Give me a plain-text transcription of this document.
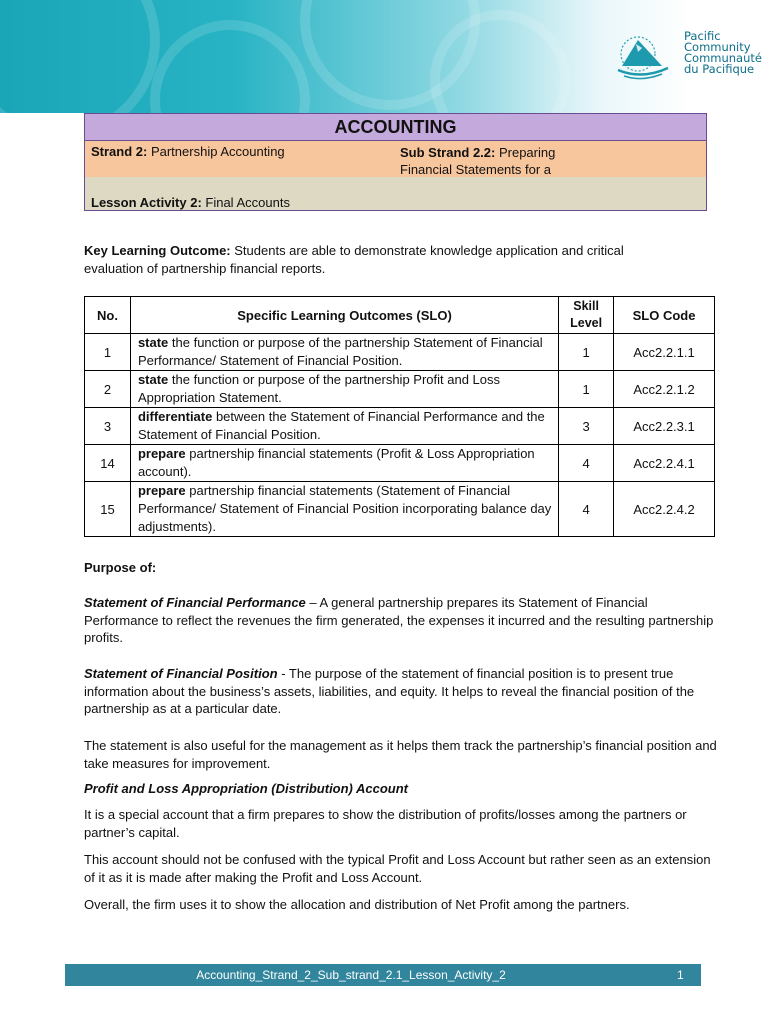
Pacific
Community
Communauté
du Pacifique
ACCOUNTING
Strand 2: Partnership Accounting	Sub Strand 2.2: Preparing Financial Statements for a
Lesson Activity 2: Final Accounts
Key Learning Outcome: Students are able to demonstrate knowledge application and critical evaluation of partnership financial reports.
No.	Specific Learning Outcomes (SLO)	Skill Level	SLO Code
1	state the function or purpose of the partnership Statement of Financial Performance/ Statement of Financial Position.	1	Acc2.2.1.1
2	state the function or purpose of the partnership Profit and Loss Appropriation Statement.	1	Acc2.2.1.2
3	differentiate between the Statement of Financial Performance and the Statement of Financial Position.	3	Acc2.2.3.1
14	prepare partnership financial statements (Profit & Loss Appropriation account).	4	Acc2.2.4.1
15	prepare partnership financial statements (Statement of Financial Performance/ Statement of Financial Position incorporating balance day adjustments).	4	Acc2.2.4.2
Purpose of:
Statement of Financial Performance – A general partnership prepares its Statement of Financial Performance to reflect the revenues the firm generated, the expenses it incurred and the resulting partnership profits.
Statement of Financial Position - The purpose of the statement of financial position is to present true information about the business’s assets, liabilities, and equity. It helps to reveal the financial position of the partnership as at a particular date.
The statement is also useful for the management as it helps them track the partnership’s financial position and take measures for improvement.
Profit and Loss Appropriation (Distribution) Account
It is a special account that a firm prepares to show the distribution of profits/losses among the partners or partner’s capital.
This account should not be confused with the typical Profit and Loss Account but rather seen as an extension of it as it is made after making the Profit and Loss Account.
Overall, the firm uses it to show the allocation and distribution of Net Profit among the partners.
Accounting_Strand_2_Sub_strand_2.1_Lesson_Activity_2	1
